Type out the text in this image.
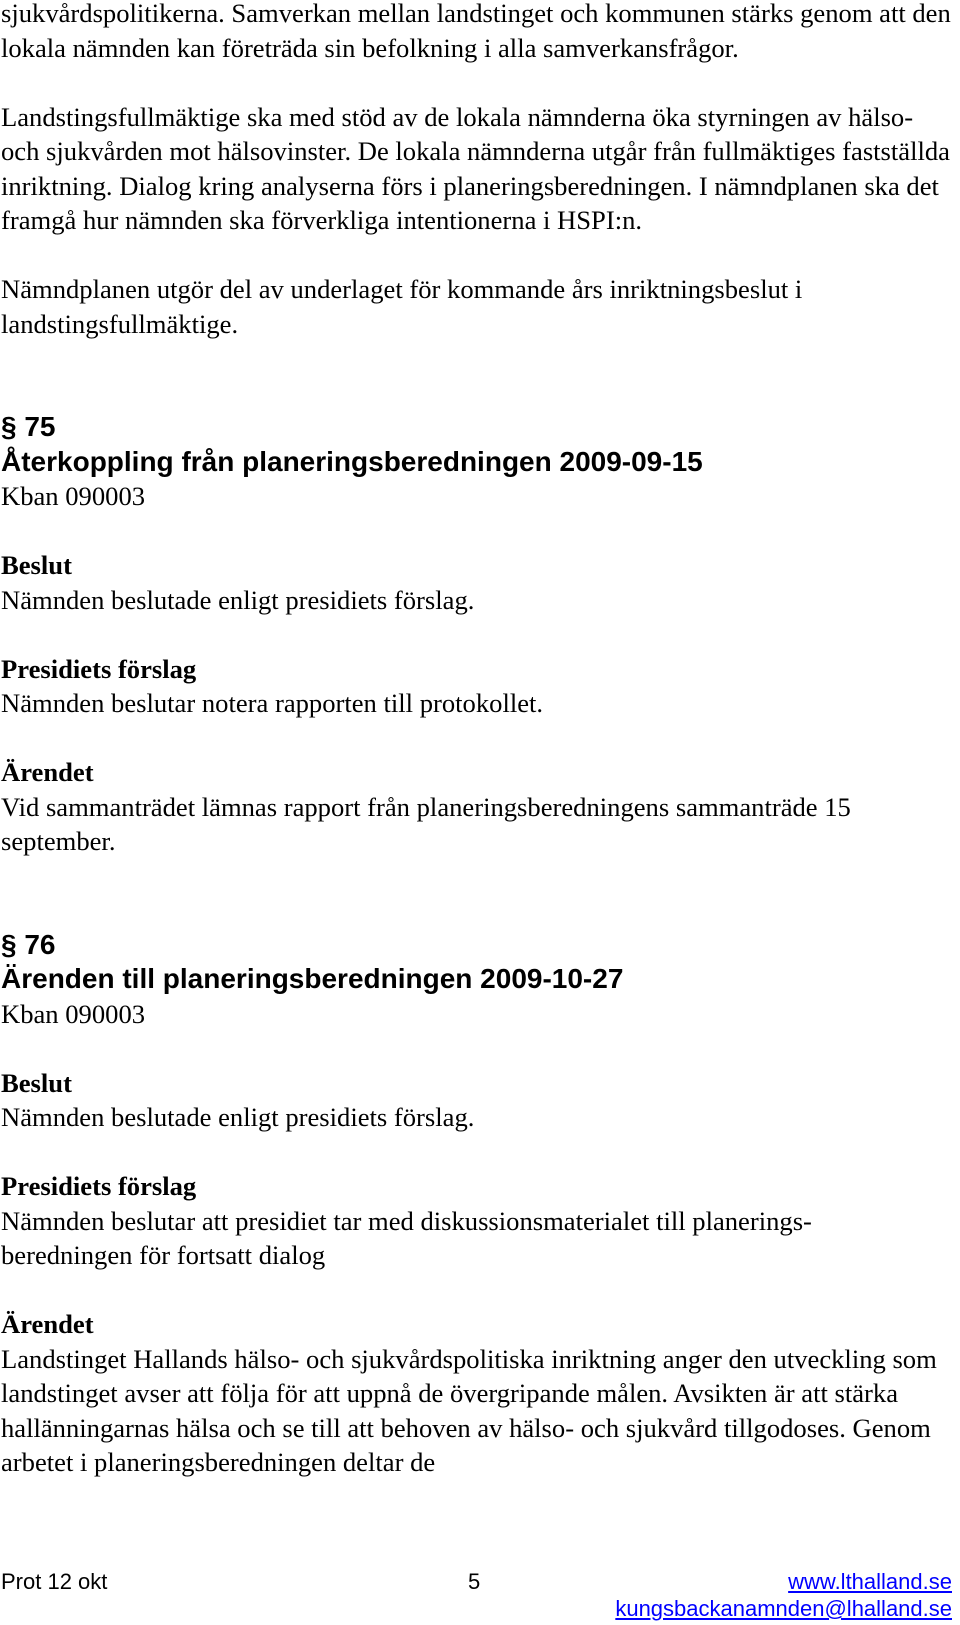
sjukvårdspolitikerna. Samverkan mellan landstinget och kommunen stärks genom att den lokala nämnden kan företräda sin befolkning i alla samverkansfrågor.

Landstingsfullmäktige ska med stöd av de lokala nämnderna öka styrningen av hälso- och sjukvården mot hälsovinster. De lokala nämnderna utgår från fullmäktiges fastställda inriktning. Dialog kring analyserna förs i planeringsberedningen. I nämndplanen ska det framgå hur nämnden ska förverkliga intentionerna i HSPI:n.

Nämndplanen utgör del av underlaget för kommande års inriktningsbeslut i landstingsfullmäktige.

§ 75

Återkoppling från planeringsberedningen 2009-09-15

Kban 090003

Beslut

Nämnden beslutade enligt presidiets förslag.

Presidiets förslag

Nämnden beslutar notera rapporten till protokollet.

Ärendet

Vid sammanträdet lämnas rapport från planeringsberedningens sammanträde 15 september.

§ 76

Ärenden till planeringsberedningen 2009-10-27

Kban 090003

Beslut

Nämnden beslutade enligt presidiets förslag.

Presidiets förslag

Nämnden beslutar att presidiet tar med diskussionsmaterialet till planerings-

beredningen för fortsatt dialog

Ärendet

Landstinget Hallands hälso- och sjukvårdspolitiska inriktning anger den utveckling som landstinget avser att följa för att uppnå de övergripande målen. Avsikten är att stärka hallänningarnas hälsa och se till att behoven av hälso- och sjukvård tillgodoses. Genom arbetet i planeringsberedningen deltar de

Prot 12 okt	5	www.lthalland.se
kungsbackanamnden@lhalland.se
